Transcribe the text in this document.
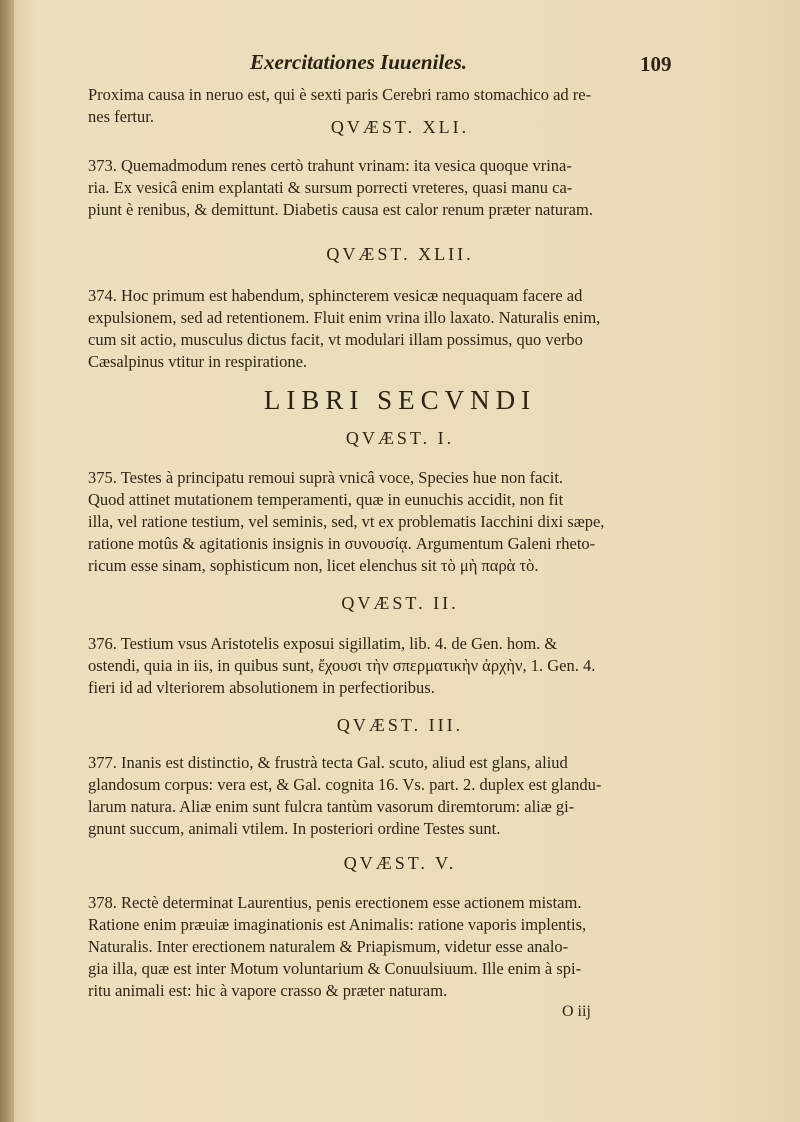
Exercitationes Iuueniles.	109
Proxima causa in neruo est, qui è sexti paris Cerebri ramo stomachico ad re-
nes fertur.
QVÆST. XLI.
373. Quemadmodum renes certò trahunt vrinam: ita vesica quoque vrina-
ria. Ex vesicâ enim explantati & sursum porrecti vreteres, quasi manu ca-
piunt è renibus, & demittunt. Diabetis causa est calor renum præter naturam.
QVÆST. XLII.
374. Hoc primum est habendum, sphincterem vesicæ nequaquam facere ad
expulsionem, sed ad retentionem. Fluit enim vrina illo laxato. Naturalis enim,
cum sit actio, musculus dictus facit, vt modulari illam possimus, quo verbo
Cæsalpinus vtitur in respiratione.
LIBRI SECVNDI
QVÆST. I.
375. Testes à principatu remoui suprà vnicâ voce, Species hue non facit.
Quod attinet mutationem temperamenti, quæ in eunuchis accidit, non fit
illa, vel ratione testium, vel seminis, sed, vt ex problematis Iacchini dixi sæpe,
ratione motûs & agitationis insignis in συνουσίᾳ. Argumentum Galeni rheto-
ricum esse sinam, sophisticum non, licet elenchus sit τὸ μὴ παρὰ τὸ.
QVÆST. II.
376. Testium vsus Aristotelis exposui sigillatim, lib. 4. de Gen. hom. &
ostendi, quia in iis, in quibus sunt, ἔχουσι τὴν σπερματικὴν ἀρχὴν, 1. Gen. 4.
fieri id ad vlteriorem absolutionem in perfectioribus.
QVÆST. III.
377. Inanis est distinctio, & frustrà tecta Gal. scuto, aliud est glans, aliud
glandosum corpus: vera est, & Gal. cognita 16. Vs. part. 2. duplex est glandu-
larum natura. Aliæ enim sunt fulcra tantùm vasorum diremtorum: aliæ gi-
gnunt succum, animali vtilem. In posteriori ordine Testes sunt.
QVÆST. V.
378. Rectè determinat Laurentius, penis erectionem esse actionem mistam.
Ratione enim præuiæ imaginationis est Animalis: ratione vaporis implentis,
Naturalis. Inter erectionem naturalem & Priapismum, videtur esse analo-
gia illa, quæ est inter Motum voluntarium & Conuulsiuum. Ille enim à spi-
ritu animali est: hic à vapore crasso & præter naturam.
O iij
